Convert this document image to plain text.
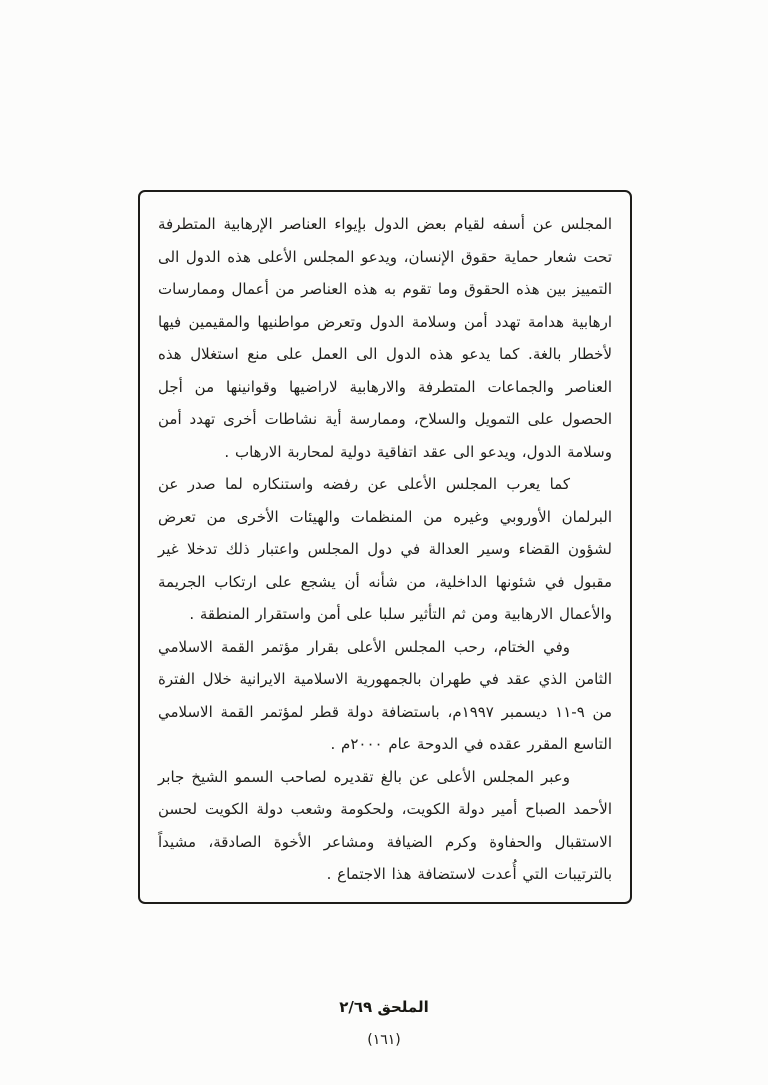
المجلس عن أسفه لقيام بعض الدول بإيواء العناصر الإرهابية المتطرفة تحت شعار حماية حقوق الإنسان، ويدعو المجلس الأعلى هذه الدول الى التمييز بين هذه الحقوق وما تقوم به هذه العناصر من أعمال وممارسات ارهابية هدامة تهدد أمن وسلامة الدول وتعرض مواطنيها والمقيمين فيها لأخطار بالغة. كما يدعو هذه الدول الى العمل على منع استغلال هذه العناصر والجماعات المتطرفة والارهابية لاراضيها وقوانينها من أجل الحصول على التمويل والسلاح، وممارسة أية نشاطات أخرى تهدد أمن وسلامة الدول، ويدعو الى عقد اتفاقية دولية لمحاربة الارهاب .

كما يعرب المجلس الأعلى عن رفضه واستنكاره لما صدر عن البرلمان الأوروبي وغيره من المنظمات والهيئات الأخرى من تعرض لشؤون القضاء وسير العدالة في دول المجلس واعتبار ذلك تدخلا غير مقبول في شئونها الداخلية، من شأنه أن يشجع على ارتكاب الجريمة والأعمال الارهابية ومن ثم التأثير سلبا على أمن واستقرار المنطقة .

وفي الختام، رحب المجلس الأعلى بقرار مؤتمر القمة الاسلامي الثامن الذي عقد في طهران بالجمهورية الاسلامية الايرانية خلال الفترة من ٩-١١ ديسمبر ١٩٩٧م، باستضافة دولة قطر لمؤتمر القمة الاسلامي التاسع المقرر عقده في الدوحة عام ٢٠٠٠م .

وعبر المجلس الأعلى عن بالغ تقديره لصاحب السمو الشيخ جابر الأحمد الصباح أمير دولة الكويت، ولحكومة وشعب دولة الكويت لحسن الاستقبال والحفاوة وكرم الضيافة ومشاعر الأخوة الصادقة، مشيداً بالترتيبات التي أُعدت لاستضافة هذا الاجتماع .

الملحق ٢/٦٩
(١٦١)
